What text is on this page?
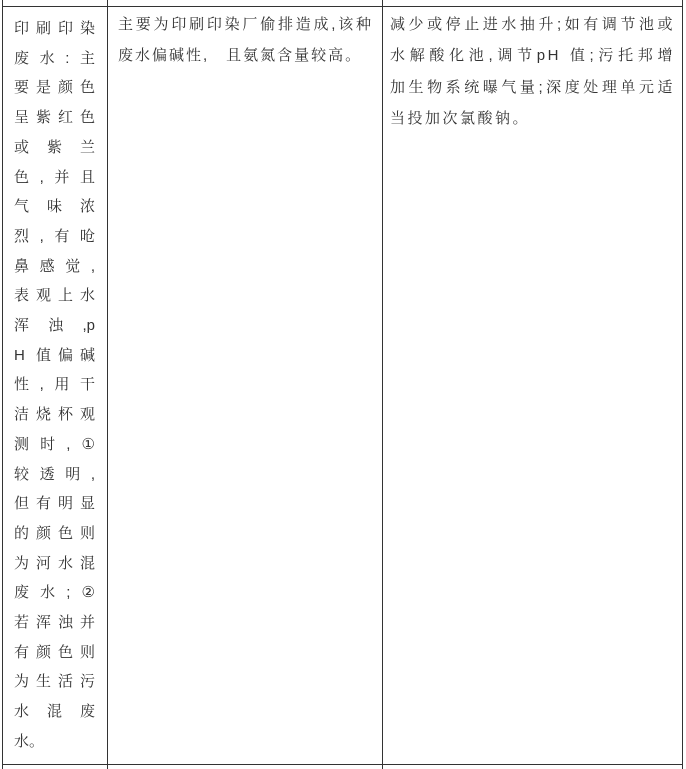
印刷印染
废水:主
要是颜色
呈紫红色
或紫兰
色,并且
气味浓
烈,有呛
鼻感觉,
表观上水
浑浊,p
H 值偏碱
性,用干
洁烧杯观
测时,①
较透明,
但有明显
的颜色则
为河水混
废水;②
若浑浊并
有颜色则
为生活污
水混废
水。
主要为印刷印染厂偷排造成,该种
废水偏碱性,　且氨氮含量较高。
减少或停止进水抽升;如有调节池或
水解酸化池,调节pH 值;污托邦增
加生物系统曝气量;深度处理单元适
当投加次氯酸钠。
